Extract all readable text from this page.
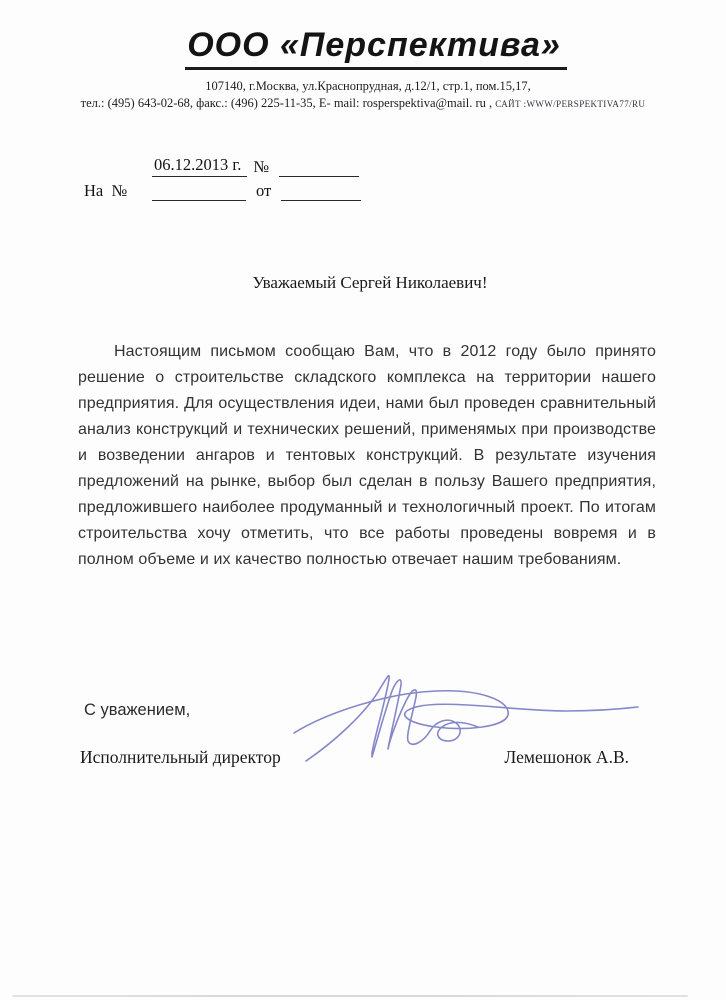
ООО «Перспектива»
107140, г.Москва, ул.Краснопрудная, д.12/1, стр.1, пом.15,17,
тел.: (495) 643-02-68, факс.: (496) 225-11-35, E- mail: rosperspektiva@mail. ru , САЙТ :WWW/PERSPEKTIVA77/RU
06.12.2013 г. №
На  №	от
Уважаемый Сергей Николаевич!

Настоящим письмом сообщаю Вам, что в 2012 году было принято решение о строительстве складского комплекса на территории нашего предприятия. Для осуществления идеи, нами был проведен сравнительный анализ конструкций и технических решений, применямых при производстве и возведении ангаров и тентовых конструкций. В результате изучения предложений на рынке, выбор был сделан в пользу Вашего предприятия, предложившего наиболее продуманный и технологичный проект. По итогам строительства хочу отметить, что все работы проведены вовремя и в полном объеме и их качество полностью отвечает нашим требованиям.

С уважением,
Исполнительный директор	Лемешонок А.В.
